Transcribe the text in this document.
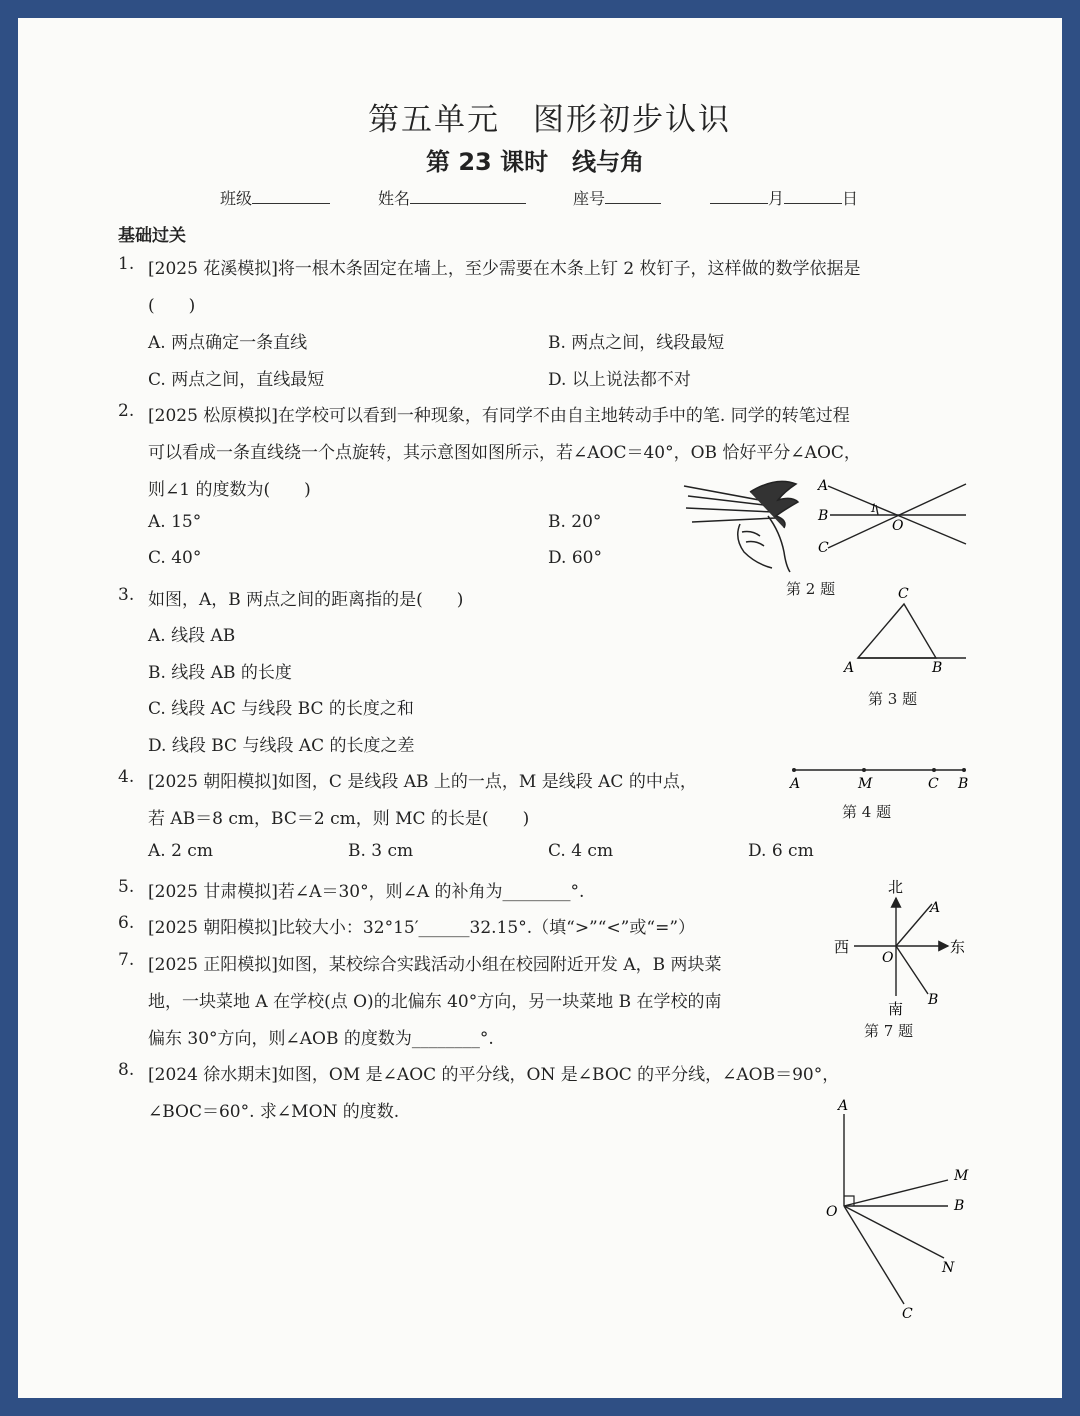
第五单元　图形初步认识
第 23 课时　线与角
班级	姓名	座号	月	日
基础过关
1. [2025 花溪模拟]将一根木条固定在墙上，至少需要在木条上钉 2 枚钉子，这样做的数学依据是
(　　)
A. 两点确定一条直线	B. 两点之间，线段最短
C. 两点之间，直线最短	D. 以上说法都不对
2. [2025 松原模拟]在学校可以看到一种现象，有同学不由自主地转动手中的笔. 同学的转笔过程
可以看成一条直线绕一个点旋转，其示意图如图所示，若∠AOC＝40°，OB 恰好平分∠AOC，
则∠1 的度数为(　　)
A. 15°	B. 20°
C. 40°	D. 60°
A
B
C
1
O
第 2 题
3. 如图，A，B 两点之间的距离指的是(　　)
A. 线段 AB
B. 线段 AB 的长度
C. 线段 AC 与线段 BC 的长度之和
D. 线段 BC 与线段 AC 的长度之差
C
A	B
第 3 题
4. [2025 朝阳模拟]如图，C 是线段 AB 上的一点，M 是线段 AC 的中点，
若 AB＝8 cm，BC＝2 cm，则 MC 的长是(　　)
A. 2 cm	B. 3 cm	C. 4 cm	D. 6 cm
A	M	C B
第 4 题
5. [2025 甘肃模拟]若∠A＝30°，则∠A 的补角为________°.
6. [2025 朝阳模拟]比较大小：32°15′______32.15°.（填“>”“<”或“=”）
7. [2025 正阳模拟]如图，某校综合实践活动小组在校园附近开发 A，B 两块菜
地，一块菜地 A 在学校(点 O)的北偏东 40°方向，另一块菜地 B 在学校的南
偏东 30°方向，则∠AOB 的度数为________°.
北
东
西
南
O
A
B
第 7 题
8. [2024 徐水期末]如图，OM 是∠AOC 的平分线，ON 是∠BOC 的平分线，∠AOB＝90°，
∠BOC＝60°. 求∠MON 的度数.	A
M
B
O
N
C
